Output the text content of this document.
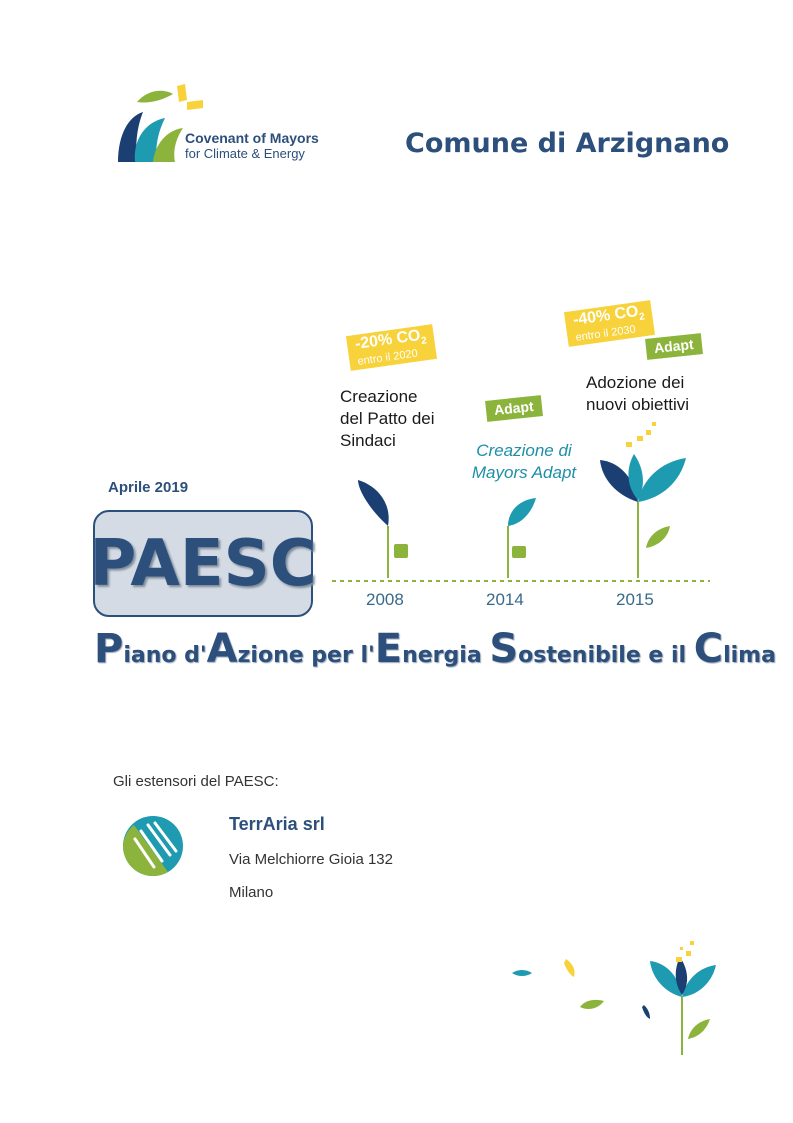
Covenant of Mayors
for Climate & Energy	Comune di Arzignano
Aprile 2019
PAESC
Piano d'Azione per l'Energia Sostenibile e il Clima
-20% $CO_2$
entro il 2020
Creazione
del Patto dei
Sindaci
2008
Adapt
Creazione di
Mayors Adapt
2014
-40% $CO_2$
entro il 2030
Adapt
Adozione dei
nuovi obiettivi
2015
Gli estensori del PAESC:
TerrAria srl
Via Melchiorre Gioia 132
Milano
